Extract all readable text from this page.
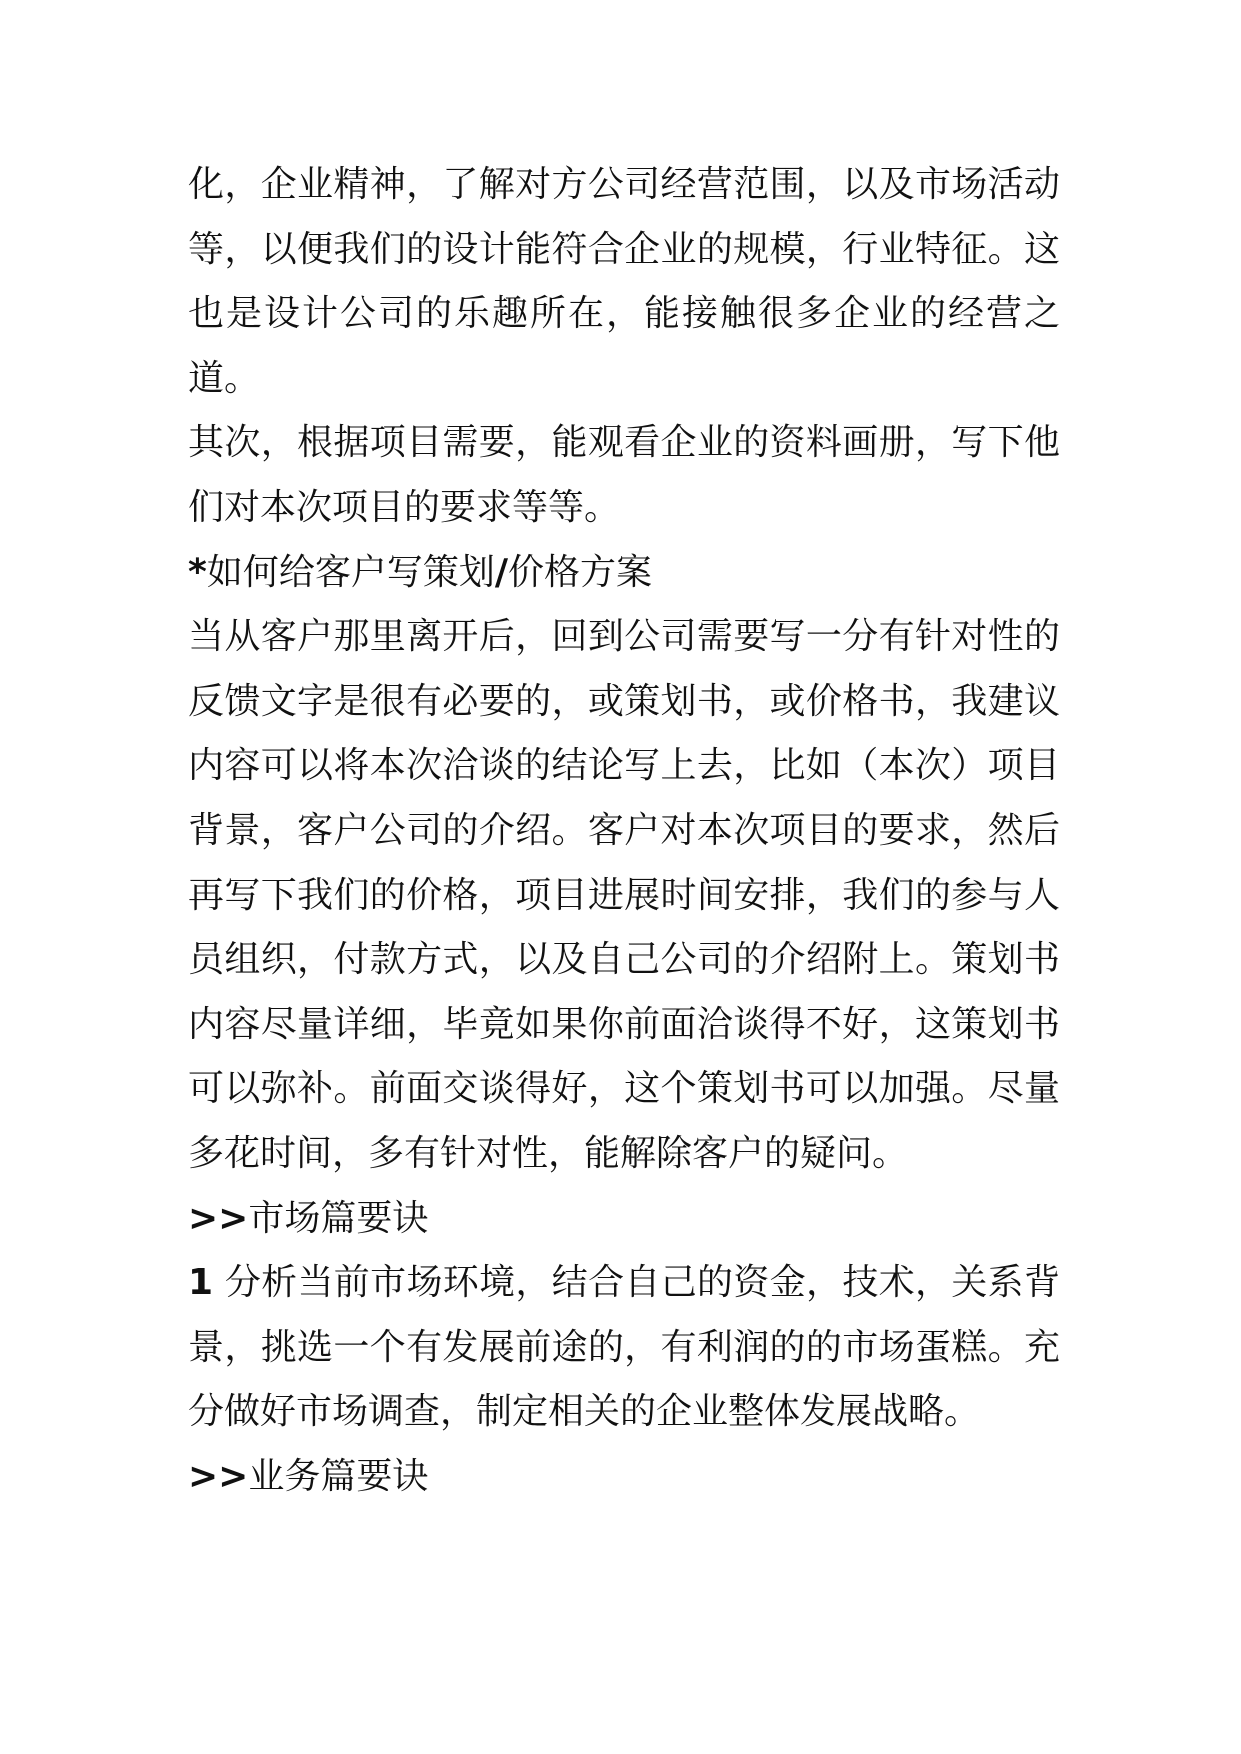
化，企业精神，了解对方公司经营范围，以及市场活动等，以便我们的设计能符合企业的规模，行业特征。这也是设计公司的乐趣所在，能接触很多企业的经营之道。

其次，根据项目需要，能观看企业的资料画册，写下他们对本次项目的要求等等。

*如何给客户写策划/价格方案

当从客户那里离开后，回到公司需要写一分有针对性的反馈文字是很有必要的，或策划书，或价格书，我建议内容可以将本次洽谈的结论写上去，比如（本次）项目背景，客户公司的介绍。客户对本次项目的要求，然后再写下我们的价格，项目进展时间安排，我们的参与人员组织，付款方式，以及自己公司的介绍附上。策划书内容尽量详细，毕竟如果你前面洽谈得不好，这策划书可以弥补。前面交谈得好，这个策划书可以加强。尽量多花时间，多有针对性，能解除客户的疑问。

>>市场篇要诀

1 分析当前市场环境，结合自己的资金，技术，关系背景，挑选一个有发展前途的，有利润的的市场蛋糕。充分做好市场调查，制定相关的企业整体发展战略。

>>业务篇要诀
